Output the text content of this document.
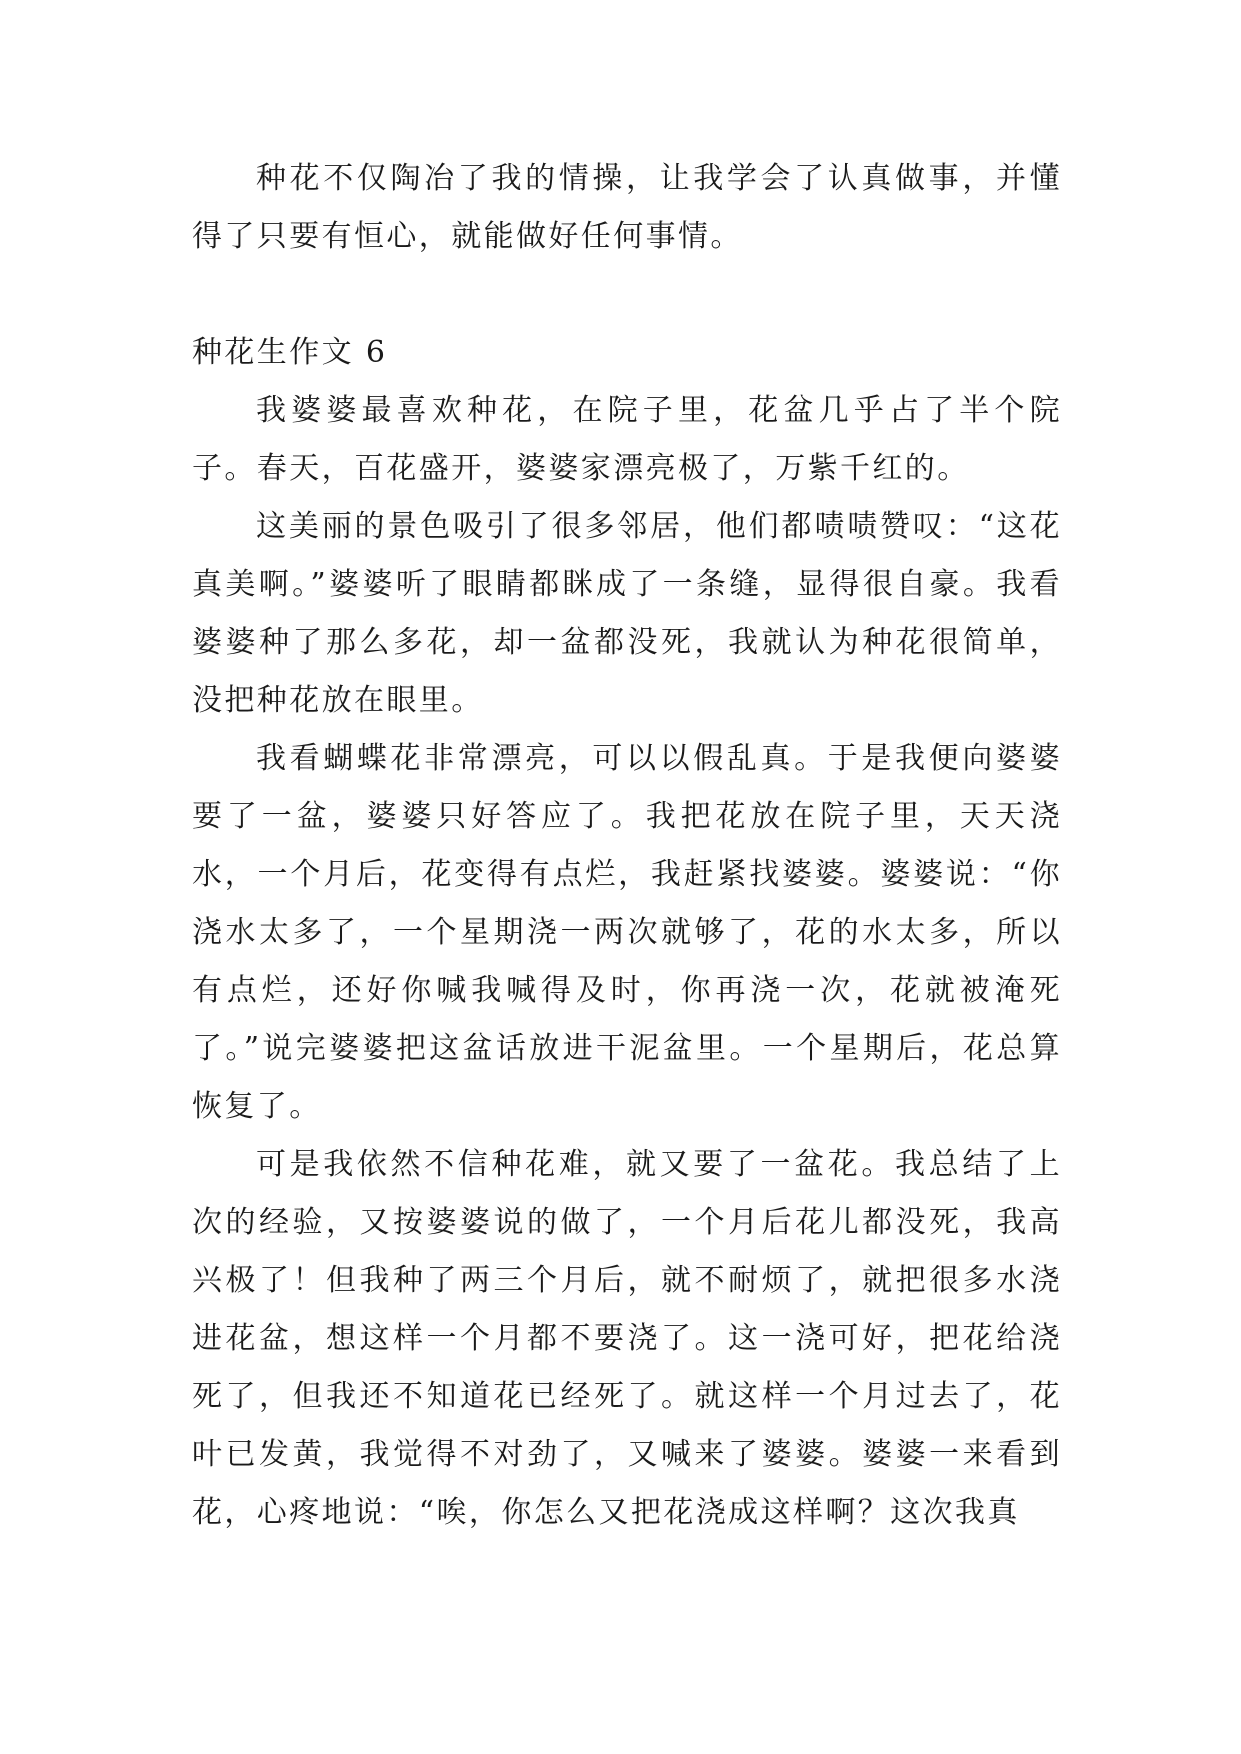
种花不仅陶冶了我的情操，让我学会了认真做事，并懂得了只要有恒心，就能做好任何事情。

种花生作文 6

我婆婆最喜欢种花，在院子里，花盆几乎占了半个院子。春天，百花盛开，婆婆家漂亮极了，万紫千红的。

这美丽的景色吸引了很多邻居，他们都啧啧赞叹：“这花真美啊。”婆婆听了眼睛都眯成了一条缝，显得很自豪。我看婆婆种了那么多花，却一盆都没死，我就认为种花很简单，没把种花放在眼里。

我看蝴蝶花非常漂亮，可以以假乱真。于是我便向婆婆要了一盆，婆婆只好答应了。我把花放在院子里，天天浇水，一个月后，花变得有点烂，我赶紧找婆婆。婆婆说：“你浇水太多了，一个星期浇一两次就够了，花的水太多，所以有点烂，还好你喊我喊得及时，你再浇一次，花就被淹死了。”说完婆婆把这盆话放进干泥盆里。一个星期后，花总算恢复了。

可是我依然不信种花难，就又要了一盆花。我总结了上次的经验，又按婆婆说的做了，一个月后花儿都没死，我高兴极了！但我种了两三个月后，就不耐烦了，就把很多水浇进花盆，想这样一个月都不要浇了。这一浇可好，把花给浇死了，但我还不知道花已经死了。就这样一个月过去了，花叶已发黄，我觉得不对劲了，又喊来了婆婆。婆婆一来看到花，心疼地说：“唉，你怎么又把花浇成这样啊？这次我真
